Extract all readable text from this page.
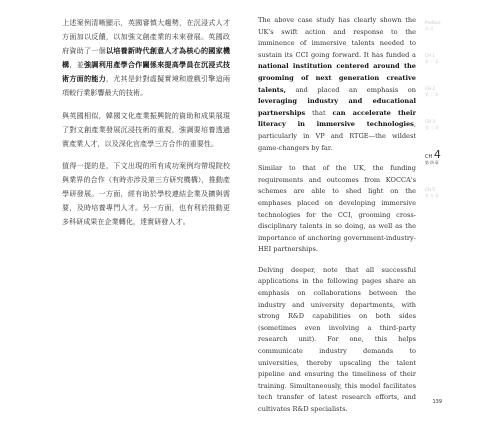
上述案例清晰顯示，英國審慎大趨勢，在沉浸式人才方面加以反饋，以加強文創產業的未來發展。英國政府資助了一個以培養新時代創意人才為核心的國家機構，並強調利用產學合作關係來提高學員在沉浸式技術方面的能力，尤其是針對虛擬實境和遊戲引擎這兩項較行業影響最大的技術。

與英國相似，韓國文化產業振興院的資助和成果展現了對文創產業發展沉浸技術的重視，強調要培養透過實產業人才，以及深化官產學三方合作的重要性。

值得一提的是，下文出現的所有成功案例均帶現院校與業界的合作（有時亦涉及第三方研究機構），推動產學研發展。一方面，經有助於學校連結企業及擴與需要，及時培養專門人才。另一方面，也有利於推動更多科研成果在企業轉化，達實研發人才。

The above case study has clearly shown the UK's swift action and response to the imminence of immersive talents needed to sustain its CCI going forward. It has funded a national institution centered around the grooming of next generation creative talents, and placed an emphasis on leveraging industry and educational partnerships that can accelerate their literacy in immersive technologies, particularly in VP and RTGE—the wildest game-changers by far.

Similar to that of the UK, the funding requirements and outcomes from KOCCA's schemes are able to shed light on the emphases placed on developing immersive technologies for the CCI, grooming cross-disciplinary talents in so doing, as well as the importance of anchoring government-industry-HEI partnerships.

Delving deeper, note that all successful applications in the following pages share an emphasis on collaborations between the industry and university departments, with strong R&D capabilities on both sides (sometimes even involving a third-party research unit). For one, this helps communicate industry demands to universities, thereby upscaling the talent pipeline and ensuring the timeliness of their training. Simultaneously, this model facilitates tech transfer of latest research efforts, and cultivates R&D specialists.

Preface
前 言
CH 1
第 一 章
CH 2
第 二 章
CH 3
第 三 章
CH 4
第 四 章
CH 5
第 五 章
139
